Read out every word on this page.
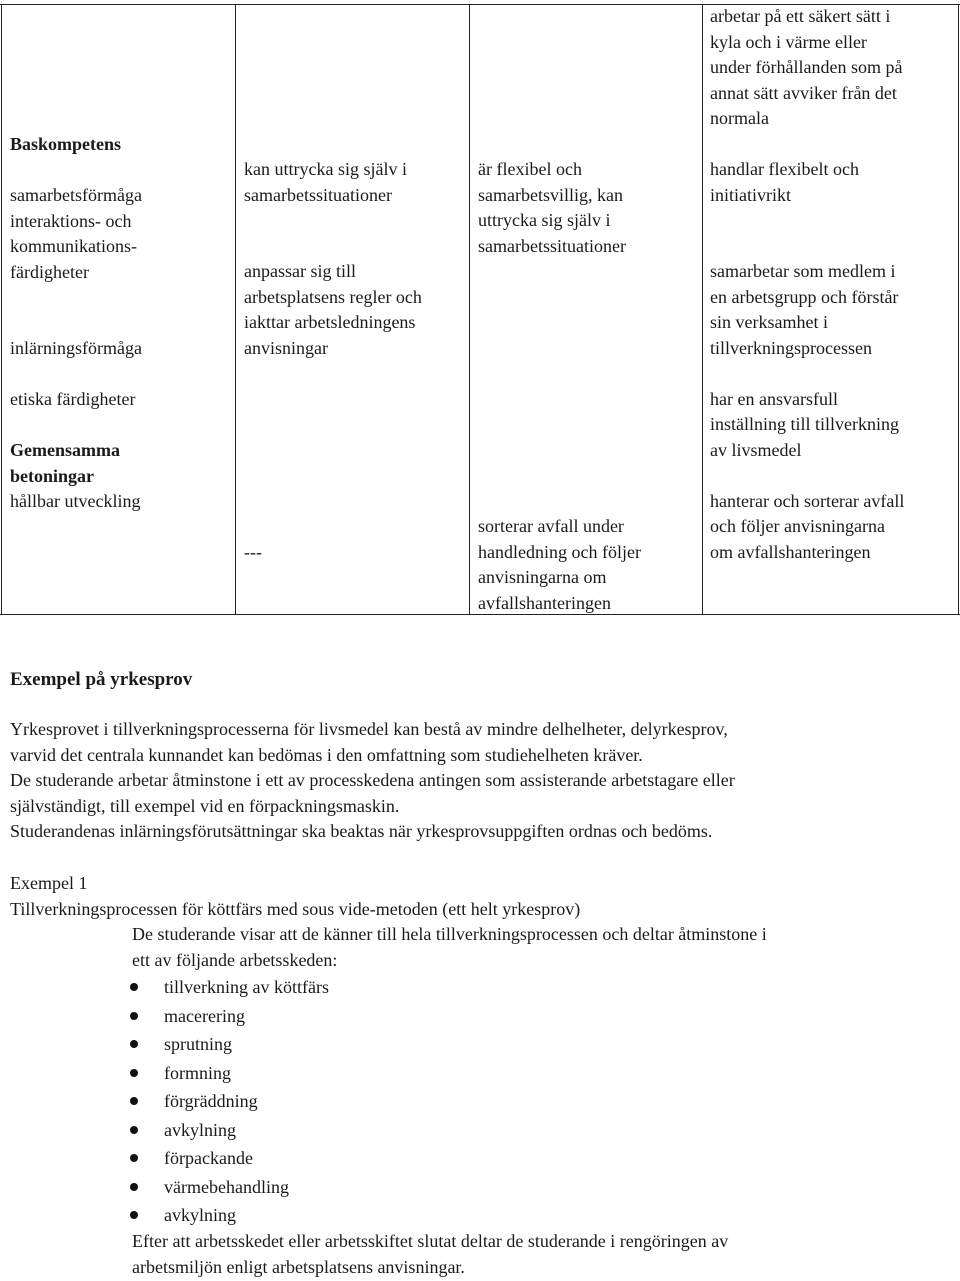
Baskompetens

samarbetsförmåga

interaktions- och

kommunikations-

färdigheter

inlärningsförmåga

etiska färdigheter

Gemensamma

betoningar

hållbar utveckling

kan uttrycka sig själv i

samarbetssituationer

anpassar sig till

arbetsplatsens regler och

iakttar arbetsledningens

anvisningar

---

är flexibel och

samarbetsvillig, kan

uttrycka sig själv i

samarbetssituationer

sorterar avfall under

handledning och följer

anvisningarna om

avfallshanteringen

arbetar på ett säkert sätt i

kyla och i värme eller

under förhållanden som på

annat sätt avviker från det

normala

handlar flexibelt och

initiativrikt

samarbetar som medlem i

en arbetsgrupp och förstår

sin verksamhet i

tillverkningsprocessen

har en ansvarsfull

inställning till tillverkning

av livsmedel

hanterar och sorterar avfall

och följer anvisningarna

om avfallshanteringen

Exempel på yrkesprov

Yrkesprovet i tillverkningsprocesserna för livsmedel kan bestå av mindre delhelheter, delyrkesprov,

varvid det centrala kunnandet kan bedömas i den omfattning som studiehelheten kräver.

De studerande arbetar åtminstone i ett av processkedena antingen som assisterande arbetstagare eller

självständigt, till exempel vid en förpackningsmaskin.

Studerandenas inlärningsförutsättningar ska beaktas när yrkesprovsuppgiften ordnas och bedöms.

Exempel 1
Tillverkningsprocessen för köttfärs med sous vide-metoden (ett helt yrkesprov)
De studerande visar att de känner till hela tillverkningsprocessen och deltar åtminstone i
ett av följande arbetsskeden:
tillverkning av köttfärs
macerering
sprutning
formning
förgräddning
avkylning
förpackande
värmebehandling
avkylning
Efter att arbetsskedet eller arbetsskiftet slutat deltar de studerande i rengöringen av
arbetsmiljön enligt arbetsplatsens anvisningar.
